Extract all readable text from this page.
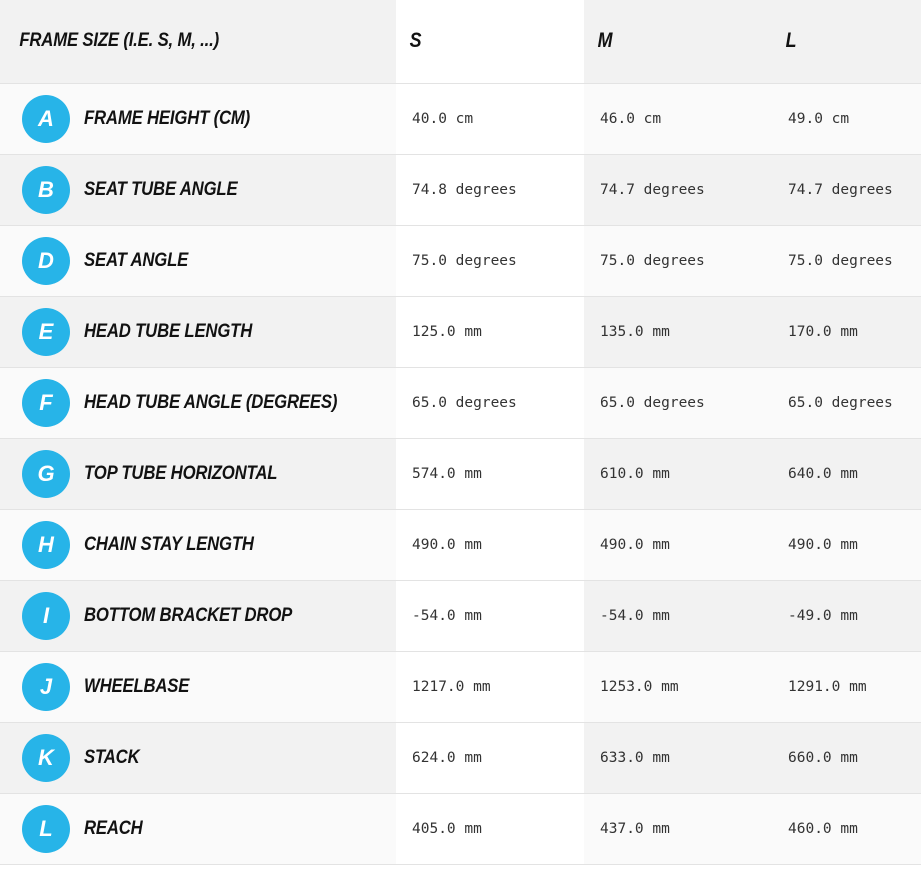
FRAME SIZE (I.E. S, M, ...)	S	M	L

A FRAME HEIGHT (CM)	40.0 cm	46.0 cm	49.0 cm

B SEAT TUBE ANGLE	74.8 degrees	74.7 degrees	74.7 degrees

D SEAT ANGLE	75.0 degrees	75.0 degrees	75.0 degrees

E HEAD TUBE LENGTH	125.0 mm	135.0 mm	170.0 mm

F HEAD TUBE ANGLE (DEGREES)	65.0 degrees	65.0 degrees	65.0 degrees

G TOP TUBE HORIZONTAL	574.0 mm	610.0 mm	640.0 mm

H CHAIN STAY LENGTH	490.0 mm	490.0 mm	490.0 mm

I BOTTOM BRACKET DROP	-54.0 mm	-54.0 mm	-49.0 mm

J WHEELBASE	1217.0 mm	1253.0 mm	1291.0 mm

K STACK	624.0 mm	633.0 mm	660.0 mm

L REACH	405.0 mm	437.0 mm	460.0 mm
